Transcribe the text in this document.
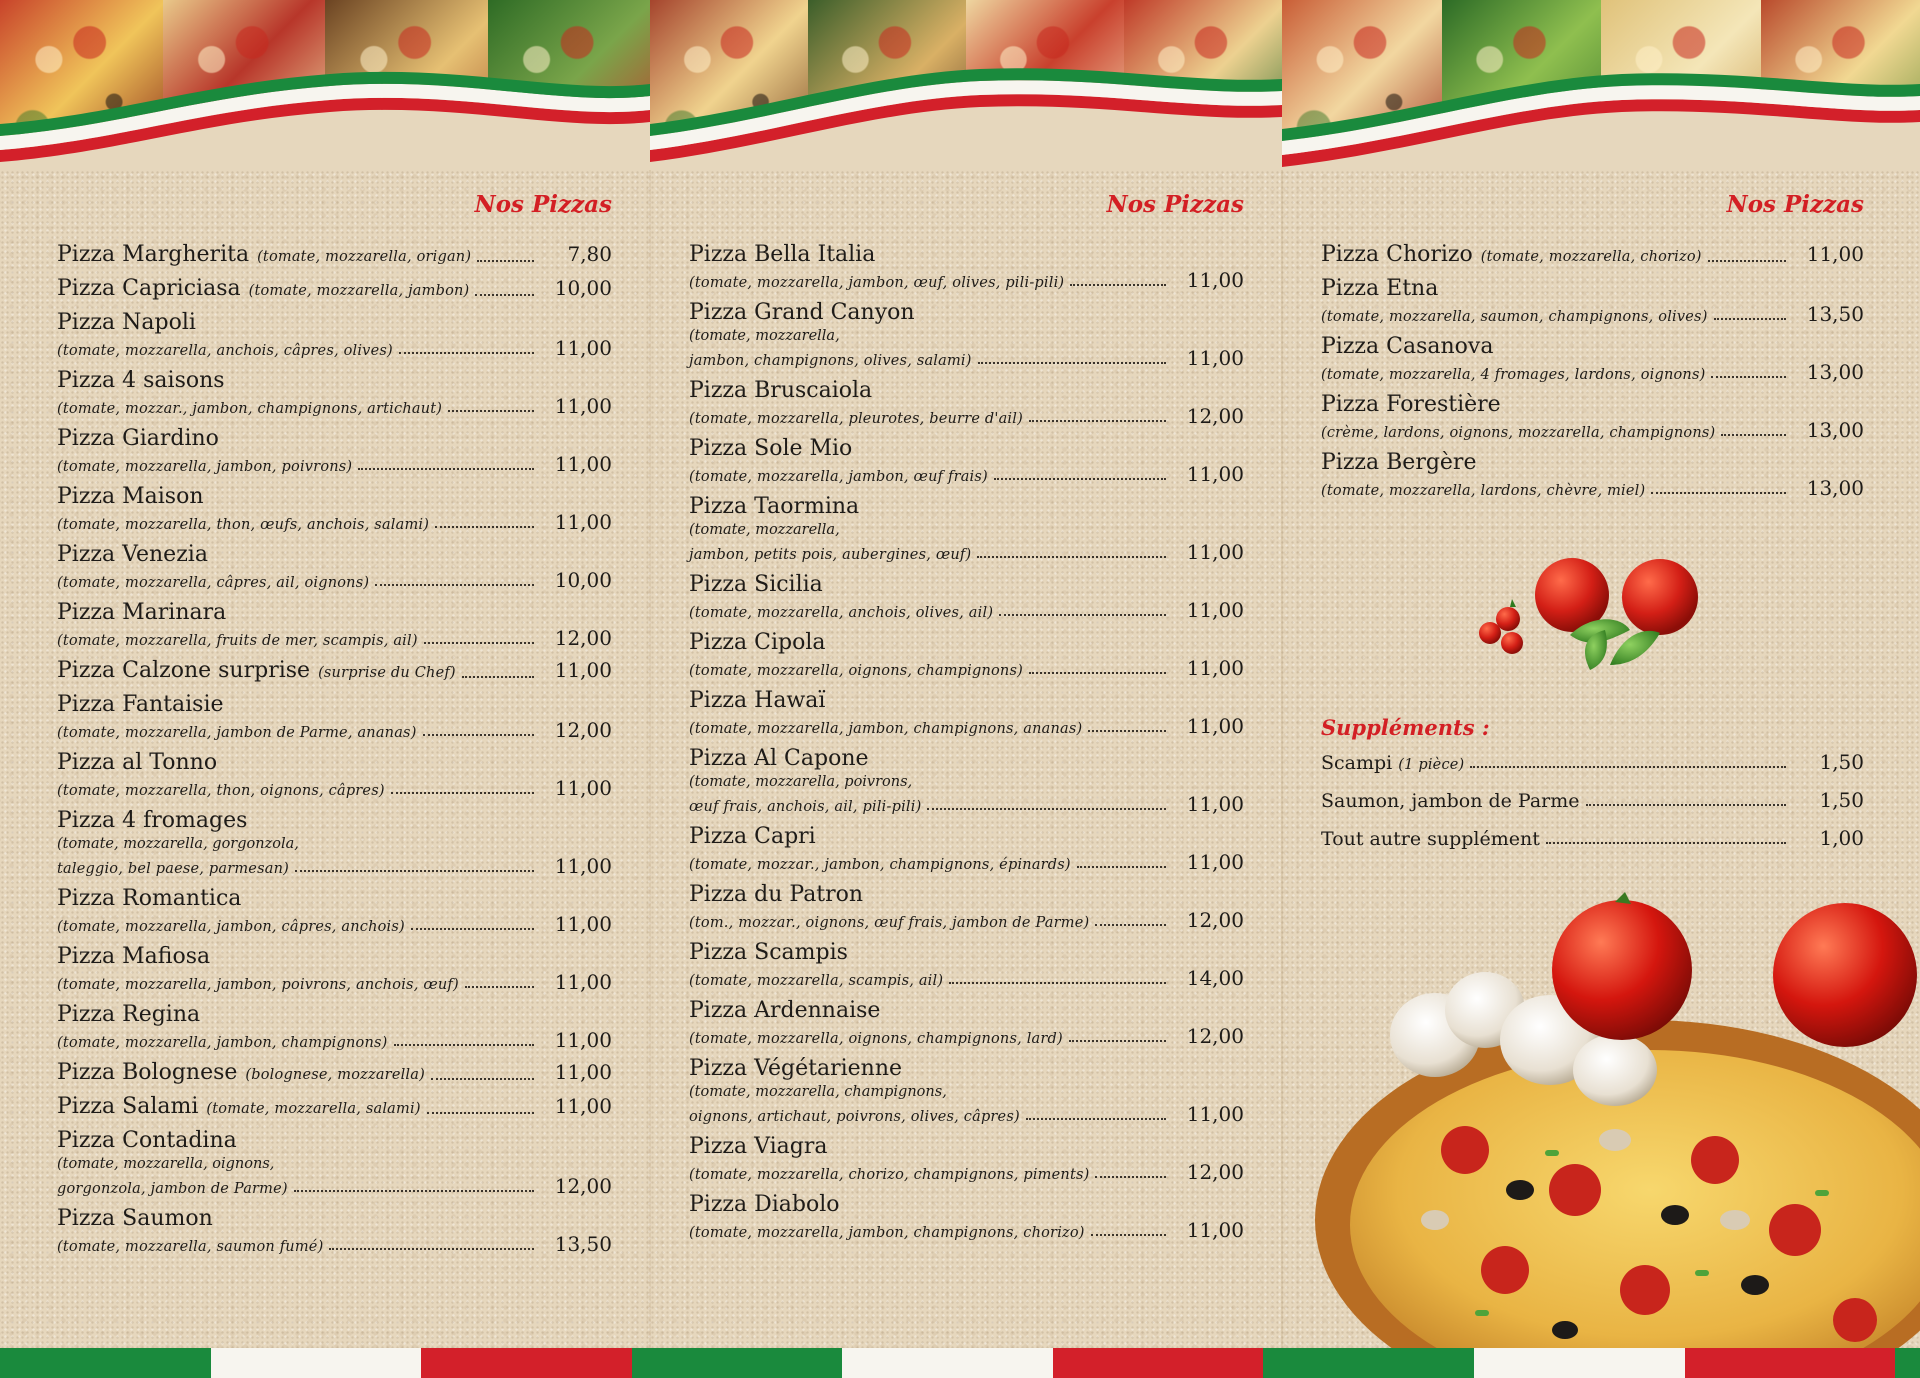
Nos Pizzas
Pizza Margherita (tomate, mozzarella, origan)	7,80
Pizza Capriciasa (tomate, mozzarella, jambon)	10,00
Pizza Napoli
(tomate, mozzarella, anchois, câpres, olives)	11,00
Pizza 4 saisons
(tomate, mozzar., jambon, champignons, artichaut)	11,00
Pizza Giardino
(tomate, mozzarella, jambon, poivrons)	11,00
Pizza Maison
(tomate, mozzarella, thon, œufs, anchois, salami)	11,00
Pizza Venezia
(tomate, mozzarella, câpres, ail, oignons)	10,00
Pizza Marinara
(tomate, mozzarella, fruits de mer, scampis, ail)	12,00
Pizza Calzone surprise (surprise du Chef)	11,00
Pizza Fantaisie
(tomate, mozzarella, jambon de Parme, ananas)	12,00
Pizza al Tonno
(tomate, mozzarella, thon, oignons, câpres)	11,00
Pizza 4 fromages
(tomate, mozzarella, gorgonzola,
taleggio, bel paese, parmesan)	11,00
Pizza Romantica
(tomate, mozzarella, jambon, câpres, anchois)	11,00
Pizza Mafiosa
(tomate, mozzarella, jambon, poivrons, anchois, œuf)	11,00
Pizza Regina
(tomate, mozzarella, jambon, champignons)	11,00
Pizza Bolognese (bolognese, mozzarella)	11,00
Pizza Salami (tomate, mozzarella, salami)	11,00
Pizza Contadina
(tomate, mozzarella, oignons,
gorgonzola, jambon de Parme)	12,00
Pizza Saumon
(tomate, mozzarella, saumon fumé)	13,50
Nos Pizzas
Pizza Bella Italia
(tomate, mozzarella, jambon, œuf, olives, pili-pili)	11,00
Pizza Grand Canyon
(tomate, mozzarella,
jambon, champignons, olives, salami)	11,00
Pizza Bruscaiola
(tomate, mozzarella, pleurotes, beurre d'ail)	12,00
Pizza Sole Mio
(tomate, mozzarella, jambon, œuf frais)	11,00
Pizza Taormina
(tomate, mozzarella,
jambon, petits pois, aubergines, œuf)	11,00
Pizza Sicilia
(tomate, mozzarella, anchois, olives, ail)	11,00
Pizza Cipola
(tomate, mozzarella, oignons, champignons)	11,00
Pizza Hawaï
(tomate, mozzarella, jambon, champignons, ananas)	11,00
Pizza Al Capone
(tomate, mozzarella, poivrons,
œuf frais, anchois, ail, pili-pili)	11,00
Pizza Capri
(tomate, mozzar., jambon, champignons, épinards)	11,00
Pizza du Patron
(tom., mozzar., oignons, œuf frais, jambon de Parme)	12,00
Pizza Scampis
(tomate, mozzarella, scampis, ail)	14,00
Pizza Ardennaise
(tomate, mozzarella, oignons, champignons, lard)	12,00
Pizza Végétarienne
(tomate, mozzarella, champignons,
oignons, artichaut, poivrons, olives, câpres)	11,00
Pizza Viagra
(tomate, mozzarella, chorizo, champignons, piments)	12,00
Pizza Diabolo
(tomate, mozzarella, jambon, champignons, chorizo)	11,00
Nos Pizzas
Pizza Chorizo (tomate, mozzarella, chorizo)	11,00
Pizza Etna
(tomate, mozzarella, saumon, champignons, olives)	13,50
Pizza Casanova
(tomate, mozzarella, 4 fromages, lardons, oignons)	13,00
Pizza Forestière
(crème, lardons, oignons, mozzarella, champignons)	13,00
Pizza Bergère
(tomate, mozzarella, lardons, chèvre, miel)	13,00
Suppléments :
Scampi (1 pièce)	1,50
Saumon, jambon de Parme	1,50
Tout autre supplément	1,00
